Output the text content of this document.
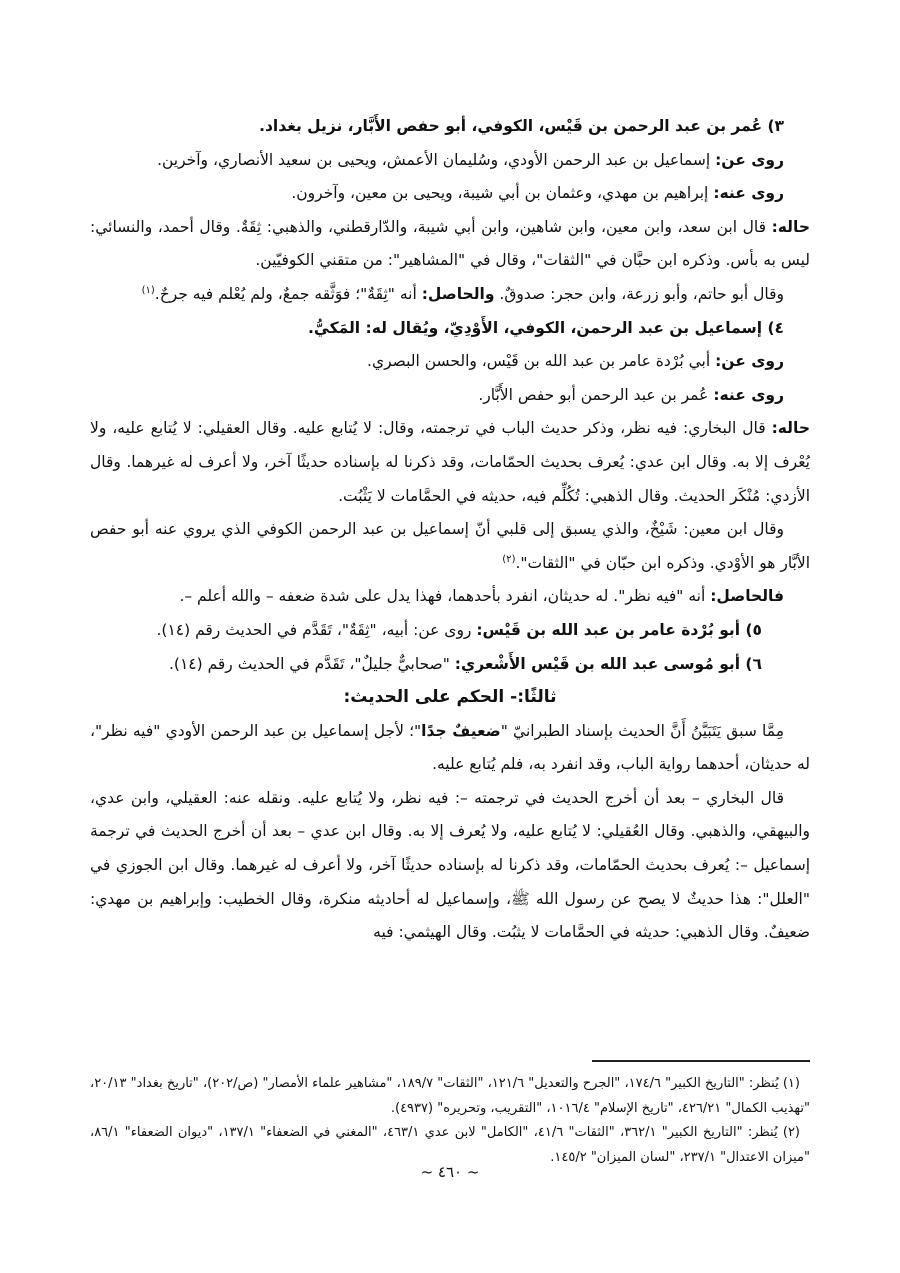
٣) عُمر بن عبد الرحمن بن قَيْس، الكوفي، أبو حفص الأَبَّار، نزيل بغداد.

روى عن: إسماعيل بن عبد الرحمن الأودي، وسُليمان الأعمش، ويحيى بن سعيد الأنصاري، وآخرين.

روى عنه: إبراهيم بن مهدي، وعثمان بن أبي شيبة، ويحيى بن معين، وآخرون.

حاله: قال ابن سعد، وابن معين، وابن شاهين، وابن أبي شيبة، والدّارقطني، والذهبي: ثِقَةٌ. وقال أحمد، والنسائي: ليس به بأس. وذكره ابن حبَّان في "الثقات"، وقال في "المشاهير": من متقني الكوفيّين.

وقال أبو حاتم، وأبو زرعة، وابن حجر: صدوقٌ. والحاصل: أنه "ثِقَةٌ"؛ فوَثَّقه جمعٌ، ولم يُعْلم فيه جرحٌ.$^{(١)}$

٤) إسماعيل بن عبد الرحمن، الكوفي، الأَوْدِيّ، ويُقال له: المَكيُّ.

روى عن: أبي بُرْدة عامر بن عبد الله بن قَيْس، والحسن البصري.

روى عنه: عُمر بن عبد الرحمن أبو حفص الأَبَّار.

حاله: قال البخاري: فيه نظر، وذكر حديث الباب في ترجمته، وقال: لا يُتابع عليه. وقال العقيلي: لا يُتابع عليه، ولا يُعْرف إلا به. وقال ابن عدي: يُعرف بحديث الحمّامات، وقد ذكرنا له بإسناده حديثًا آخر، ولا أعرف له غيرهما. وقال الأزدي: مُنْكَر الحديث. وقال الذهبي: تُكُلِّم فيه، حديثه في الحمَّامات لا يَثْبُت.

وقال ابن معين: شَيْخٌ، والذي يسبق إلى قلبي أنّ إسماعيل بن عبد الرحمن الكوفي الذي يروي عنه أبو حفص الأبَّار هو الأوْدي. وذكره ابن حبّان في "الثقات".$^{(٢)}$

فالحاصل: أنه "فيه نظر". له حديثان، انفرد بأحدهما، فهذا يدل على شدة ضعفه – والله أعلم –.

٥) أبو بُرْدة عامر بن عبد الله بن قَيْس: روى عن: أبيه، "ثِقَةٌ"، تَقَدَّم في الحديث رقم (١٤).

٦) أبو مُوسى عبد الله بن قَيْس الأَشْعري: "صحابيٌّ جليلٌ"، تَقَدَّم في الحديث رقم (١٤).

ثالثًا:- الحكم على الحديث:

مِمَّا سبق يَتَبَيَّنُ أَنَّ الحديث بإسناد الطبرانيّ "ضعيفٌ جدًا"؛ لأجل إسماعيل بن عبد الرحمن الأودي "فيه نظر"، له حديثان، أحدهما رواية الباب، وقد انفرد به، فلم يُتابع عليه.

قال البخاري – بعد أن أخرج الحديث في ترجمته –: فيه نظر، ولا يُتابع عليه. ونقله عنه: العقيلي، وابن عدي، والبيهقي، والذهبي. وقال العُقيلي: لا يُتابع عليه، ولا يُعرف إلا به. وقال ابن عدي – بعد أن أخرج الحديث في ترجمة إسماعيل –: يُعرف بحديث الحمّامات، وقد ذكرنا له بإسناده حديثًا آخر، ولا أعرف له غيرهما. وقال ابن الجوزي في "العلل": هذا حديثٌ لا يصح عن رسول الله ﷺ، وإسماعيل له أحاديثه منكرة، وقال الخطيب: وإبراهيم بن مهدي: ضعيفٌ. وقال الذهبي: حديثه في الحمَّامات لا يثبُت. وقال الهيثمي: فيه

(١) يُنظر: "التاريخ الكبير" ١٧٤/٦، "الجرح والتعديل" ١٢١/٦، "الثقات" ١٨٩/٧، "مشاهير علماء الأمصار" (ص/٢٠٢)، "تاريخ بغداد" ٢٠/١٣، "تهذيب الكمال" ٤٢٦/٢١، "تاريخ الإسلام" ١٠١٦/٤، "التقريب، وتحريره" (٤٩٣٧).

(٢) يُنظر: "التاريخ الكبير" ٣٦٢/١، "الثقات" ٤١/٦، "الكامل" لابن عدي ٤٦٣/١، "المغني في الضعفاء" ١٣٧/١، "ديوان الضعفاء" ٨٦/١، "ميزان الاعتدال" ٢٣٧/١، "لسان الميزان" ١٤٥/٢.

~ ٤٦٠ ~
